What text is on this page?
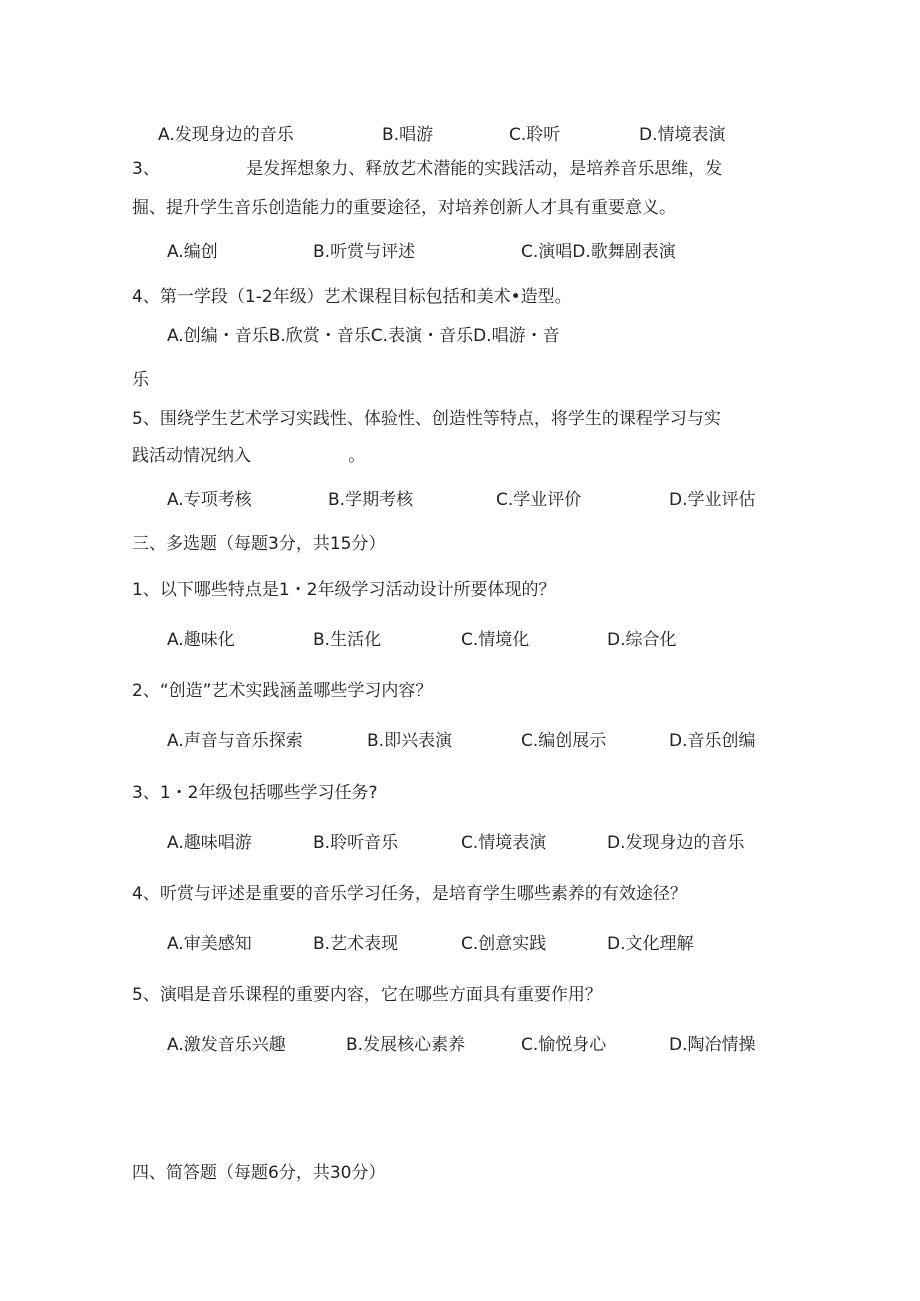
A.发现身边的音乐	B.唱游	C.聆听	D.情境表演
3、                是发挥想象力、释放艺术潜能的实践活动，是培养音乐思维，发
掘、提升学生音乐创造能力的重要途径，对培养创新人才具有重要意义。
A.编创	B.听赏与评述	C.演唱D.歌舞剧表演
4、第一学段（1-2年级）艺术课程目标包括和美术•造型。
A.创编・音乐B.欣赏・音乐C.表演・音乐D.唱游・音
乐
5、围绕学生艺术学习实践性、体验性、创造性等特点，将学生的课程学习与实
践活动情况纳入                  。
A.专项考核	B.学期考核	C.学业评价	D.学业评估
三、多选题（每题3分，共15分）
1、以下哪些特点是1・2年级学习活动设计所要体现的？
A.趣味化	B.生活化	C.情境化	D.综合化
2、“创造”艺术实践涵盖哪些学习内容？
A.声音与音乐探索	B.即兴表演	C.编创展示	D.音乐创编
3、1・2年级包括哪些学习任务?
A.趣味唱游	B.聆听音乐	C.情境表演	D.发现身边的音乐
4、听赏与评述是重要的音乐学习任务，是培育学生哪些素养的有效途径？
A.审美感知	B.艺术表现	C.创意实践	D.文化理解
5、演唱是音乐课程的重要内容，它在哪些方面具有重要作用？
A.激发音乐兴趣	B.发展核心素养	C.愉悦身心	D.陶冶情操
四、简答题（每题6分，共30分）
